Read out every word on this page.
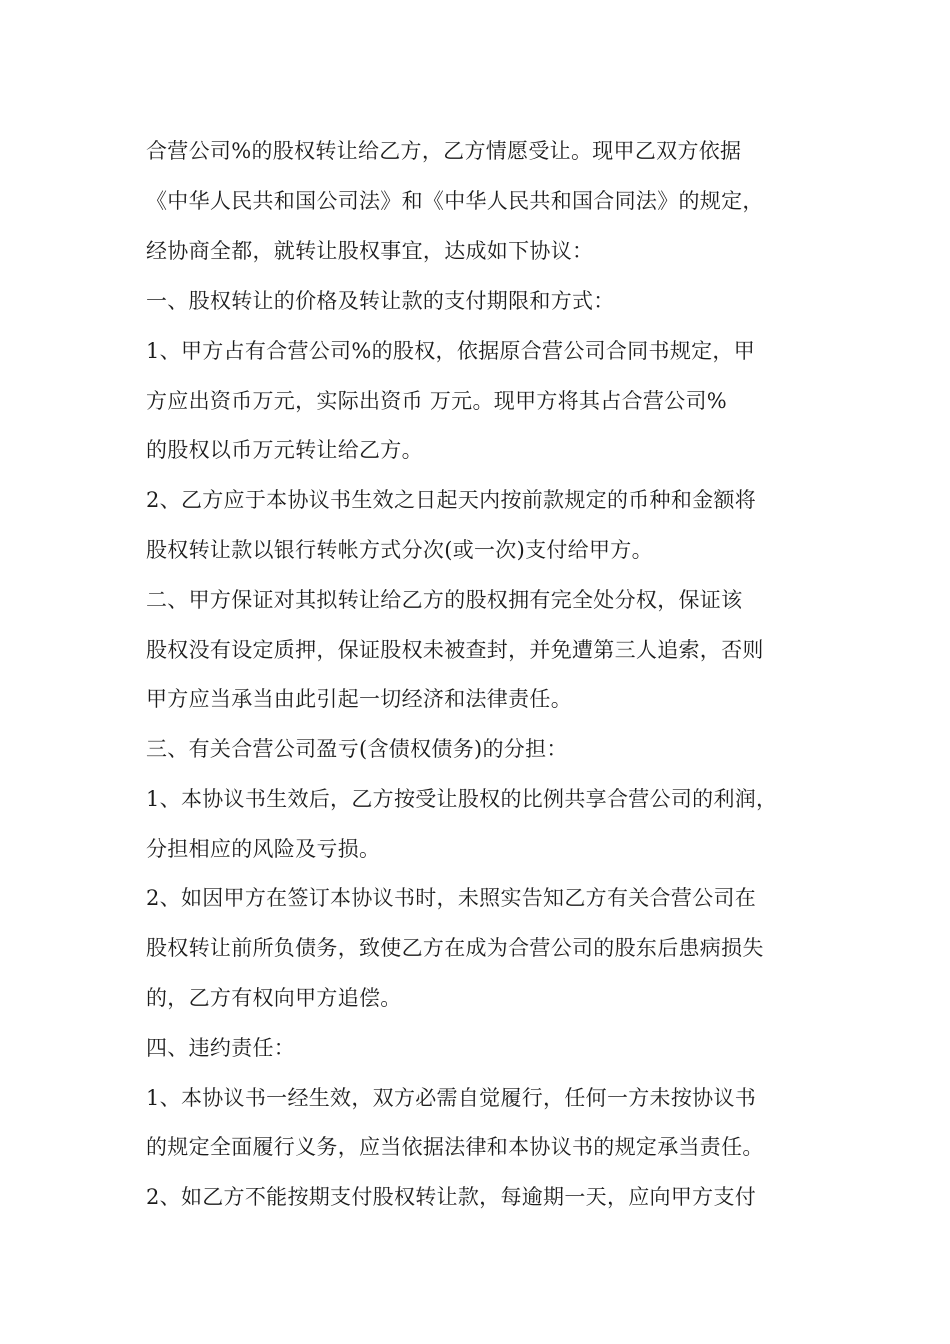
合营公司%的股权转让给乙方，乙方情愿受让。现甲乙双方依据
《中华人民共和国公司法》和《中华人民共和国合同法》的规定，
经协商全都，就转让股权事宜，达成如下协议：
一、股权转让的价格及转让款的支付期限和方式：
1、甲方占有合营公司%的股权，依据原合营公司合同书规定，甲
方应出资币万元，实际出资币 万元。现甲方将其占合营公司%
的股权以币万元转让给乙方。
2、乙方应于本协议书生效之日起天内按前款规定的币种和金额将
股权转让款以银行转帐方式分次(或一次)支付给甲方。
二、甲方保证对其拟转让给乙方的股权拥有完全处分权，保证该
股权没有设定质押，保证股权未被查封，并免遭第三人追索，否则
甲方应当承当由此引起一切经济和法律责任。
三、有关合营公司盈亏(含债权债务)的分担：
1、本协议书生效后，乙方按受让股权的比例共享合营公司的利润，
分担相应的风险及亏损。
2、如因甲方在签订本协议书时，未照实告知乙方有关合营公司在
股权转让前所负债务，致使乙方在成为合营公司的股东后患病损失
的，乙方有权向甲方追偿。
四、违约责任：
1、本协议书一经生效，双方必需自觉履行，任何一方未按协议书
的规定全面履行义务，应当依据法律和本协议书的规定承当责任。
2、如乙方不能按期支付股权转让款，每逾期一天，应向甲方支付
